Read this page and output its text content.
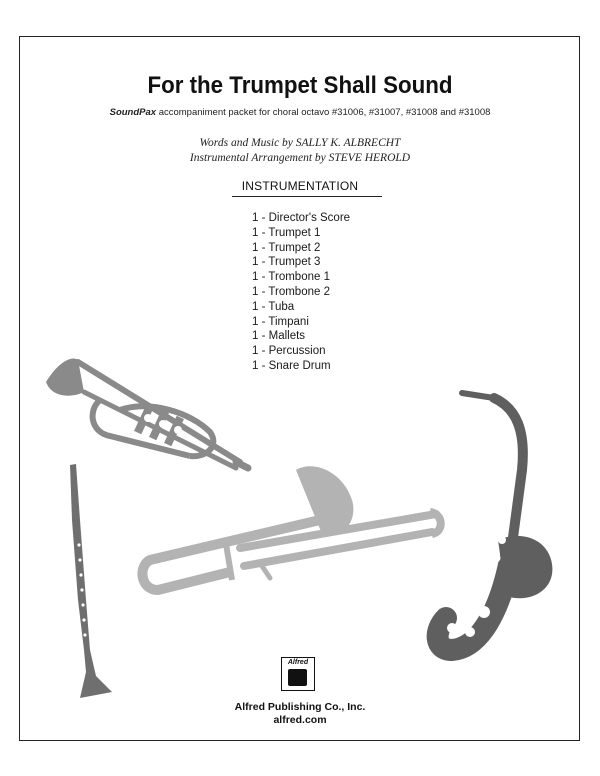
For the Trumpet Shall Sound
SoundPax accompaniment packet for choral octavo #31006, #31007, #31008 and #31008
Words and Music by SALLY K. ALBRECHT
Instrumental Arrangement by STEVE HEROLD
INSTRUMENTATION
1 - Director's Score
1 - Trumpet 1
1 - Trumpet 2
1 - Trumpet 3
1 - Trombone 1
1 - Trombone 2
1 - Tuba
1 - Timpani
1 - Mallets
1 - Percussion
1 - Snare Drum
Alfred
Alfred Publishing Co., Inc.
alfred.com
